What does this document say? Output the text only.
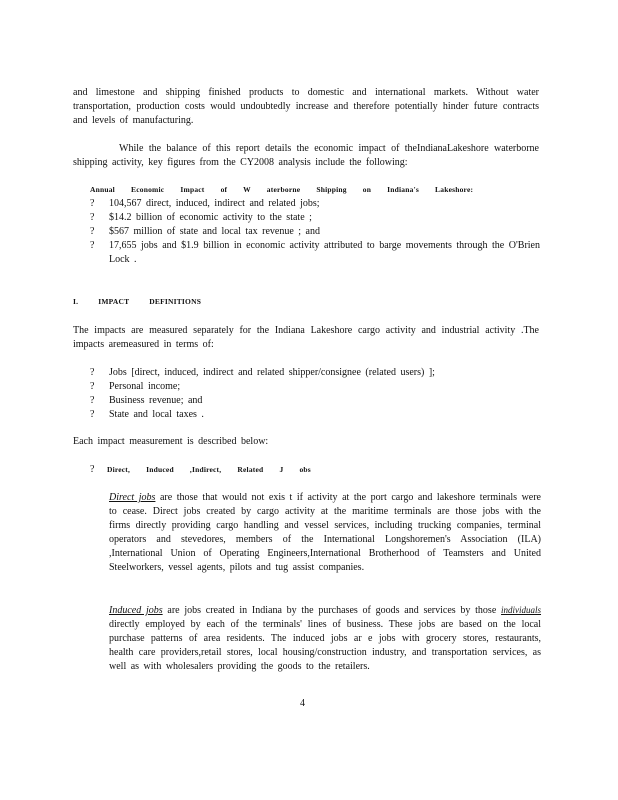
and limestone and shipping finished products to domestic and international markets. Without water transportation, production costs would undoubtedly increase and therefore potentially hinder future contracts and levels of manufacturing.
While the balance of this report details the economic impact of theIndianaLakeshore waterborne shipping activity, key figures from the CY2008 analysis include the following:
Annual Economic Impact of W aterborne Shipping on Indiana's Lakeshore:
? 104,567 direct, induced, indirect and related jobs;
? $14.2 billion of economic activity to the state ;
? $567 million of state and local tax revenue ; and
? 17,655 jobs and $1.9 billion in economic activity attributed to barge movements through the O'Brien Lock .
I. IMPACT DEFINITIONS
The impacts are measured separately for the Indiana Lakeshore cargo activity and industrial activity .The impacts aremeasured in terms of:
? Jobs [direct, induced, indirect and related shipper/consignee (related users) ];
? Personal income;
? Business revenue; and
? State and local taxes .
Each impact measurement is described below:
? Direct, Induced ,Indirect, Related J obs
Direct jobs are those that would not exis t if activity at the port cargo and lakeshore terminals were to cease. Direct jobs created by cargo activity at the maritime terminals are those jobs with the firms directly providing cargo handling and vessel services, including trucking companies, terminal operators and stevedores, members of the International Longshoremen's Association (ILA) ,International Union of Operating Engineers,International Brotherhood of Teamsters and United Steelworkers, vessel agents, pilots and tug assist companies.
Induced jobs are jobs created in Indiana by the purchases of goods and services by those individuals directly employed by each of the terminals' lines of business. These jobs are based on the local purchase patterns of area residents. The induced jobs ar e jobs with grocery stores, restaurants, health care providers,retail stores, local housing/construction industry, and transportation services, as well as with wholesalers providing the goods to the retailers.
4
